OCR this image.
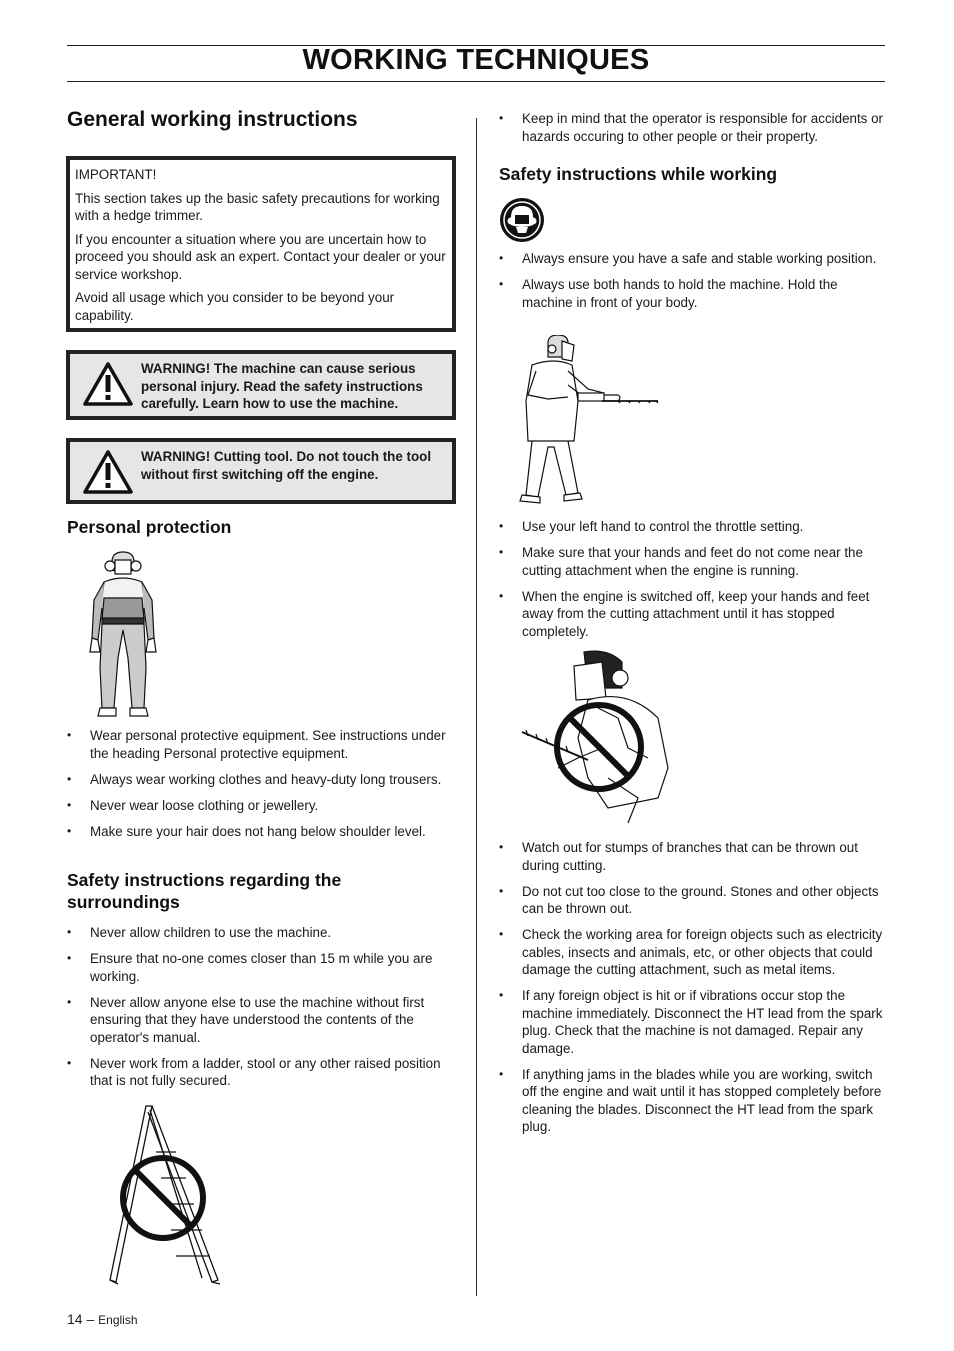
WORKING TECHNIQUES
General working instructions

IMPORTANT!

This section takes up the basic safety precautions for working with a hedge trimmer.

If you encounter a situation where you are uncertain how to proceed you should ask an expert. Contact your dealer or your service workshop.

Avoid all usage which you consider to be beyond your capability.

WARNING! The machine can cause serious personal injury. Read the safety instructions carefully. Learn how to use the machine.
WARNING! Cutting tool. Do not touch the tool without first switching off the engine.
Personal protection
• Wear personal protective equipment. See instructions under the heading Personal protective equipment.
• Always wear working clothes and heavy-duty long trousers.
• Never wear loose clothing or jewellery.
• Make sure your hair does not hang below shoulder level.
Safety instructions regarding the surroundings
• Never allow children to use the machine.
• Ensure that no-one comes closer than 15 m while you are working.
• Never allow anyone else to use the machine without first ensuring that they have understood the contents of the operator's manual.
• Never work from a ladder, stool or any other raised position that is not fully secured.
14 – English
• Keep in mind that the operator is responsible for accidents or hazards occuring to other people or their property.
Safety instructions while working
• Always ensure you have a safe and stable working position.
• Always use both hands to hold the machine. Hold the machine in front of your body.
• Use your left hand to control the throttle setting.
• Make sure that your hands and feet do not come near the cutting attachment when the engine is running.
• When the engine is switched off, keep your hands and feet away from the cutting attachment until it has stopped completely.
• Watch out for stumps of branches that can be thrown out during cutting.
• Do not cut too close to the ground. Stones and other objects can be thrown out.
• Check the working area for foreign objects such as electricity cables, insects and animals, etc, or other objects that could damage the cutting attachment, such as metal items.
• If any foreign object is hit or if vibrations occur stop the machine immediately. Disconnect the HT lead from the spark plug. Check that the machine is not damaged. Repair any damage.
• If anything jams in the blades while you are working, switch off the engine and wait until it has stopped completely before cleaning the blades. Disconnect the HT lead from the spark plug.
